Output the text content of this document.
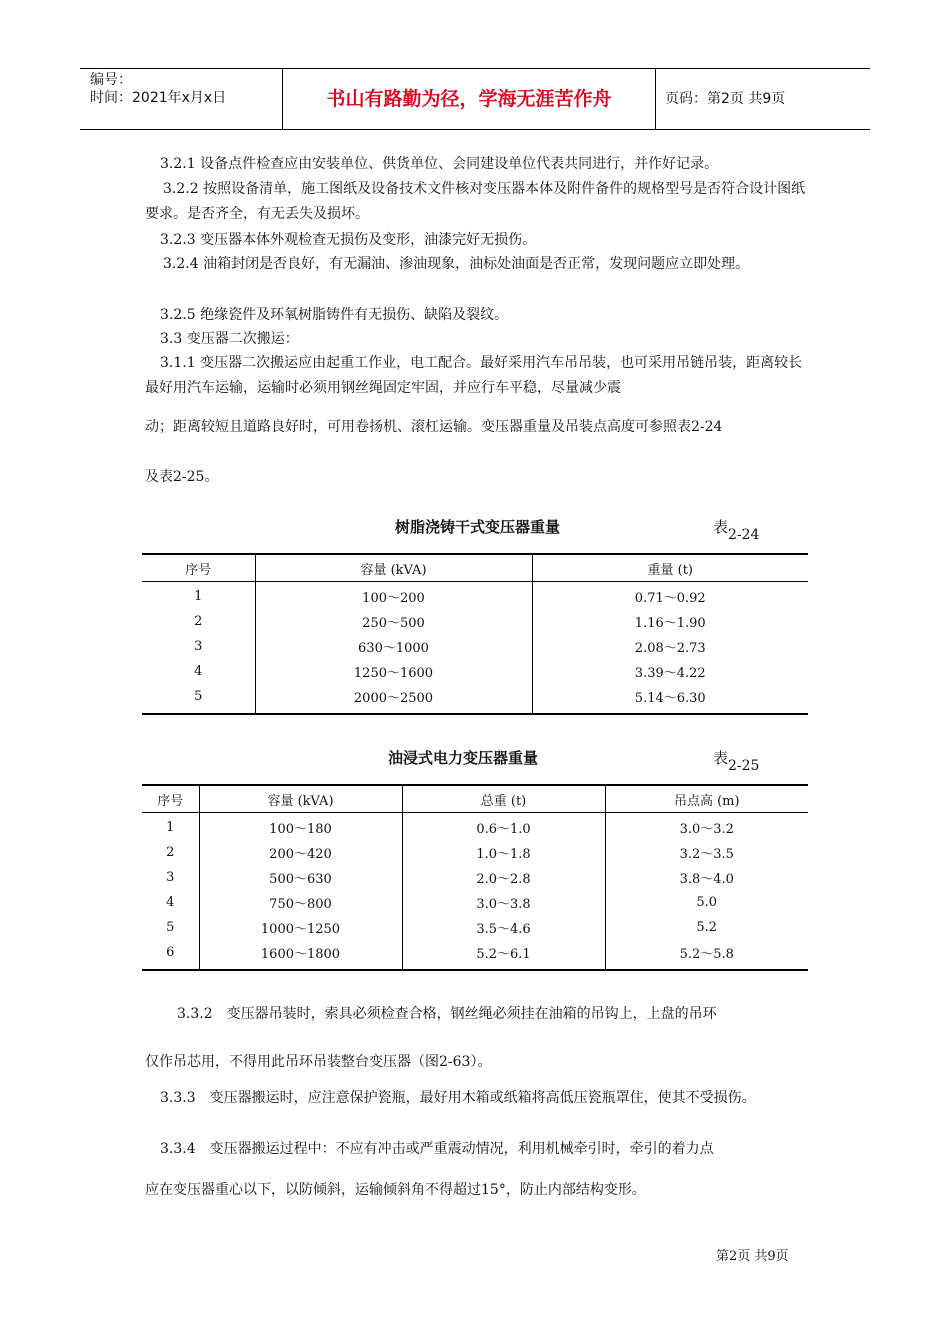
编号：
时间：2021年x月x日	书山有路勤为径，学海无涯苦作舟	页码：第2页 共9页
3.2.1 设备点件检查应由安装单位、供货单位、会同建设单位代表共同进行，并作好记录。
3.2.2 按照设备清单，施工图纸及设备技术文件核对变压器本体及附件备件的规格型号是否符合设计图纸要求。是否齐全，有无丢失及损坏。
3.2.3 变压器本体外观检查无损伤及变形，油漆完好无损伤。
3.2.4 油箱封闭是否良好，有无漏油、渗油现象，油标处油面是否正常，发现问题应立即处理。
3.2.5 绝缘瓷件及环氧树脂铸件有无损伤、缺陷及裂纹。
3.3 变压器二次搬运：
3.1.1 变压器二次搬运应由起重工作业，电工配合。最好采用汽车吊吊装，也可采用吊链吊装，距离较长最好用汽车运输，运输时必须用钢丝绳固定牢固，并应行车平稳，尽量减少震
动；距离较短且道路良好时，可用卷扬机、滚杠运输。变压器重量及吊装点高度可参照表2-24
及表2-25。
树脂浇铸干式变压器重量	表2-24
序号	容量 (kVA)	重量 (t)
1	100～200	0.71～0.92
2	250～500	1.16～1.90
3	630～1000	2.08～2.73
4	1250～1600	3.39～4.22
5	2000～2500	5.14～6.30
油浸式电力变压器重量	表2-25
序号	容量 (kVA)	总重 (t)	吊点高 (m)
1	100～180	0.6～1.0	3.0～3.2
2	200～420	1.0～1.8	3.2～3.5
3	500～630	2.0～2.8	3.8～4.0
4	750～800	3.0～3.8	5.0
5	1000～1250	3.5～4.6	5.2
6	1600～1800	5.2～6.1	5.2～5.8
3.3.2　变压器吊装时，索具必须检查合格，钢丝绳必须挂在油箱的吊钩上，上盘的吊环
仅作吊芯用，不得用此吊环吊装整台变压器（图2-63）。
3.3.3　变压器搬运时，应注意保护瓷瓶，最好用木箱或纸箱将高低压瓷瓶罩住，使其不受损伤。
3.3.4　变压器搬运过程中：不应有冲击或严重震动情况，利用机械牵引时，牵引的着力点
应在变压器重心以下，以防倾斜，运输倾斜角不得超过15°，防止内部结构变形。
第2页 共9页
